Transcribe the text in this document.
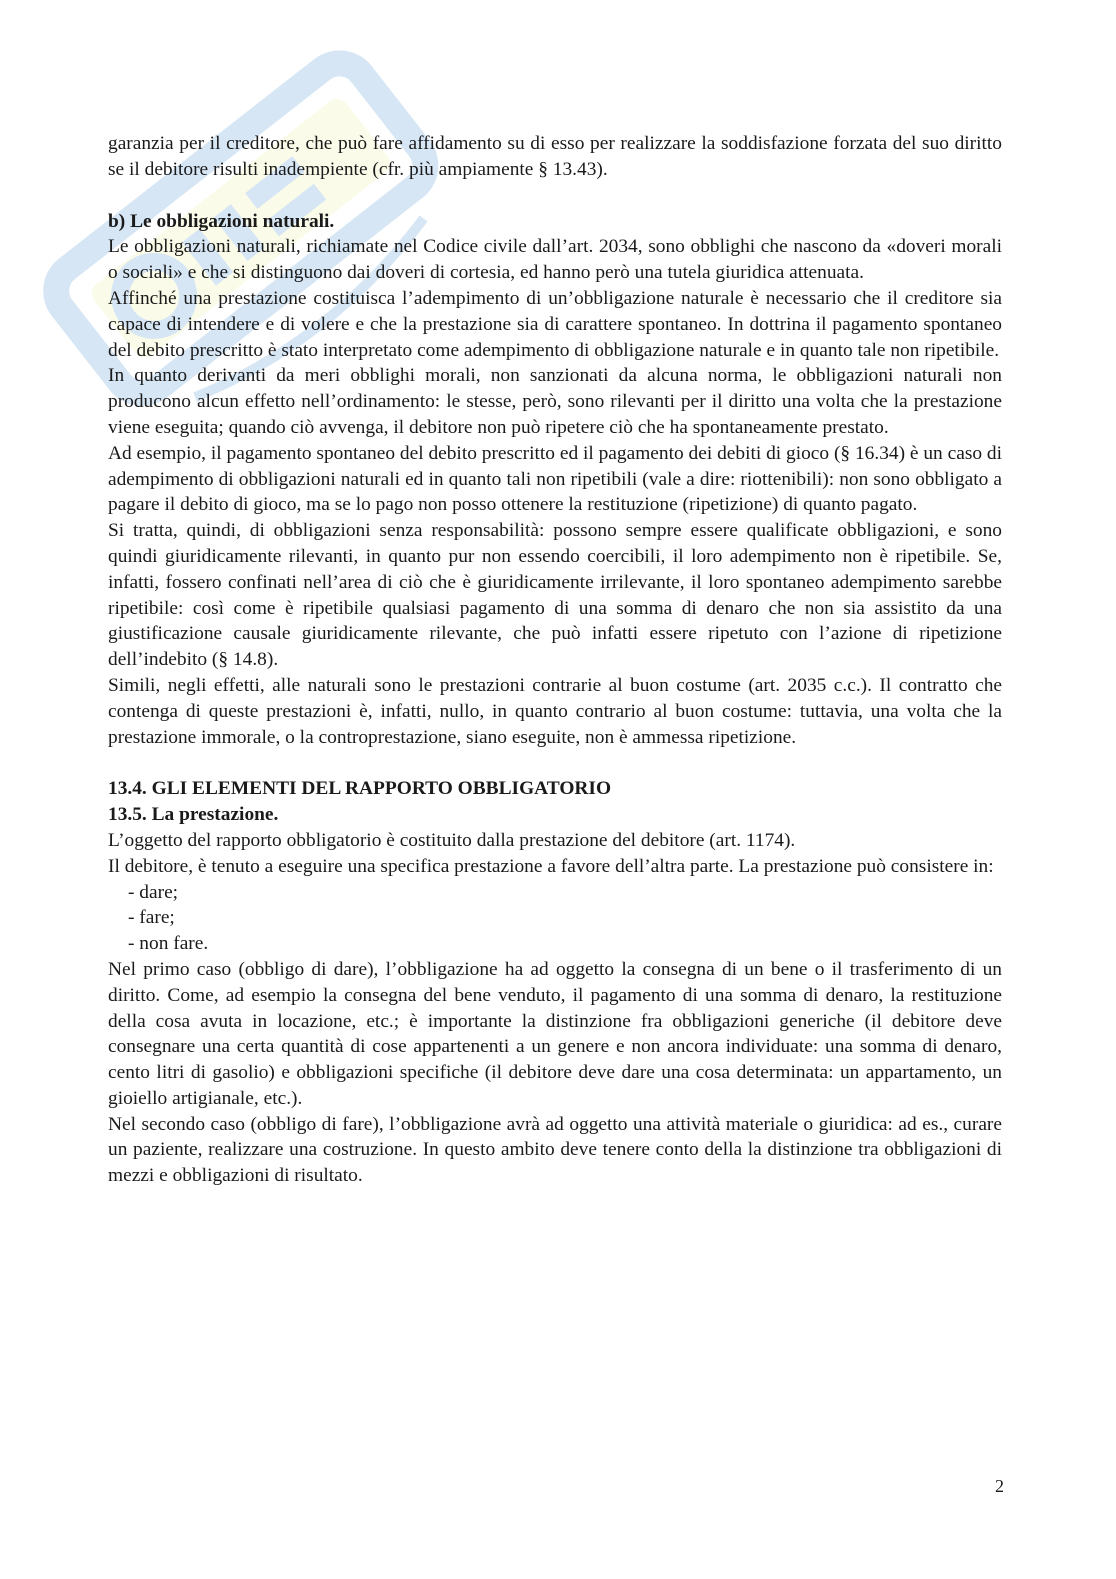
garanzia per il creditore, che può fare affidamento su di esso per realizzare la soddisfazione forzata del suo diritto se il debitore risulti inadempiente (cfr. più ampiamente § 13.43).

b) Le obbligazioni naturali.

Le obbligazioni naturali, richiamate nel Codice civile dall’art. 2034, sono obblighi che nascono da «doveri morali o sociali» e che si distinguono dai doveri di cortesia, ed hanno però una tutela giuridica attenuata.

Affinché una prestazione costituisca l’adempimento di un’obbligazione naturale è necessario che il creditore sia capace di intendere e di volere e che la prestazione sia di carattere spontaneo. In dottrina il pagamento spontaneo del debito prescritto è stato interpretato come adempimento di obbligazione naturale e in quanto tale non ripetibile.

In quanto derivanti da meri obblighi morali, non sanzionati da alcuna norma, le obbligazioni naturali non producono alcun effetto nell’ordinamento: le stesse, però, sono rilevanti per il diritto una volta che la prestazione viene eseguita; quando ciò avvenga, il debitore non può ripetere ciò che ha spontaneamente prestato.

Ad esempio, il pagamento spontaneo del debito prescritto ed il pagamento dei debiti di gioco (§ 16.34) è un caso di adempimento di obbligazioni naturali ed in quanto tali non ripetibili (vale a dire: riottenibili): non sono obbligato a pagare il debito di gioco, ma se lo pago non posso ottenere la restituzione (ripetizione) di quanto pagato.

Si tratta, quindi, di obbligazioni senza responsabilità: possono sempre essere qualificate obbligazioni, e sono quindi giuridicamente rilevanti, in quanto pur non essendo coercibili, il loro adempimento non è ripetibile. Se, infatti, fossero confinati nell’area di ciò che è giuridicamente irrilevante, il loro spontaneo adempimento sarebbe ripetibile: così come è ripetibile qualsiasi pagamento di una somma di denaro che non sia assistito da una giustificazione causale giuridicamente rilevante, che può infatti essere ripetuto con l’azione di ripetizione dell’indebito (§ 14.8).

Simili, negli effetti, alle naturali sono le prestazioni contrarie al buon costume (art. 2035 c.c.). Il contratto che contenga di queste prestazioni è, infatti, nullo, in quanto contrario al buon costume: tuttavia, una volta che la prestazione immorale, o la controprestazione, siano eseguite, non è ammessa ripetizione.

13.4. GLI ELEMENTI DEL RAPPORTO OBBLIGATORIO
13.5. La prestazione.

L’oggetto del rapporto obbligatorio è costituito dalla prestazione del debitore (art. 1174).

Il debitore, è tenuto a eseguire una specifica prestazione a favore dell’altra parte. La prestazione può consistere in:

- dare;
- fare;
- non fare.

Nel primo caso (obbligo di dare), l’obbligazione ha ad oggetto la consegna di un bene o il trasferimento di un diritto. Come, ad esempio la consegna del bene venduto, il pagamento di una somma di denaro, la restituzione della cosa avuta in locazione, etc.; è importante la distinzione fra obbligazioni generiche (il debitore deve consegnare una certa quantità di cose appartenenti a un genere e non ancora individuate: una somma di denaro, cento litri di gasolio) e obbligazioni specifiche (il debitore deve dare una cosa determinata: un appartamento, un gioiello artigianale, etc.).

Nel secondo caso (obbligo di fare), l’obbligazione avrà ad oggetto una attività materiale o giuridica: ad es., curare un paziente, realizzare una costruzione. In questo ambito deve tenere conto della la distinzione tra obbligazioni di mezzi e obbligazioni di risultato.

2
